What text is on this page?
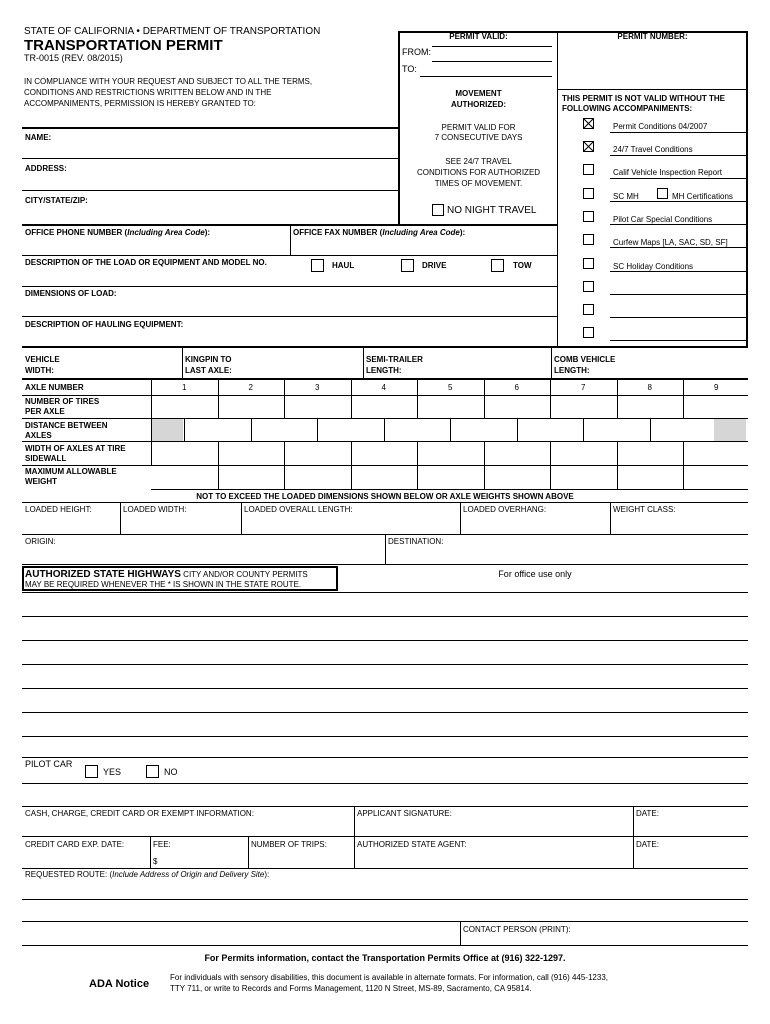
STATE OF CALIFORNIA • DEPARTMENT OF TRANSPORTATION
TRANSPORTATION PERMIT
TR-0015 (REV. 08/2015)
IN COMPLIANCE WITH YOUR REQUEST AND SUBJECT TO ALL THE TERMS,
CONDITIONS AND RESTRICTIONS WRITTEN BELOW AND IN THE
ACCOMPANIMENTS, PERMISSION IS HEREBY GRANTED TO:
PERMIT VALID:
FROM:
TO:
MOVEMENT
AUTHORIZED:
PERMIT VALID FOR
7 CONSECUTIVE DAYS
SEE 24/7 TRAVEL
CONDITIONS FOR AUTHORIZED
TIMES OF MOVEMENT.
NO NIGHT TRAVEL
PERMIT NUMBER:
THIS PERMIT IS NOT VALID WITHOUT THE
FOLLOWING ACCOMPANIMENTS:
Permit Conditions 04/2007
24/7 Travel Conditions
Calif Vehicle Inspection Report
SC MH	MH Certifications
Pilot Car Special Conditions
Curfew Maps [LA, SAC, SD, SF]
SC Holiday Conditions
NAME:
ADDRESS:
CITY/STATE/ZIP:
OFFICE PHONE NUMBER (Including Area Code):	OFFICE FAX NUMBER (Including Area Code):
DESCRIPTION OF THE LOAD OR EQUIPMENT AND MODEL NO.	HAUL	DRIVE	TOW
DIMENSIONS OF LOAD:
DESCRIPTION OF HAULING EQUIPMENT:
VEHICLE
WIDTH:
KINGPIN TO
LAST AXLE:
SEMI-TRAILER
LENGTH:
COMB VEHICLE
LENGTH:
AXLE NUMBER	1	2	3	4	5	6	7	8	9
NUMBER OF TIRES
PER AXLE
DISTANCE BETWEEN
AXLES
WIDTH OF AXLES AT TIRE
SIDEWALL
MAXIMUM ALLOWABLE
WEIGHT
NOT TO EXCEED THE LOADED DIMENSIONS SHOWN BELOW OR AXLE WEIGHTS SHOWN ABOVE
LOADED HEIGHT:	LOADED WIDTH:	LOADED OVERALL LENGTH:	LOADED OVERHANG:	WEIGHT CLASS:
ORIGIN:	DESTINATION:
AUTHORIZED STATE HIGHWAYS CITY AND/OR COUNTY PERMITS
MAY BE REQUIRED WHENEVER THE * IS SHOWN IN THE STATE ROUTE.
For office use only
PILOT CAR
YES	NO
CASH, CHARGE, CREDIT CARD OR EXEMPT INFORMATION:	APPLICANT SIGNATURE:	DATE:
CREDIT CARD EXP. DATE:	FEE:
$
NUMBER OF TRIPS:	AUTHORIZED STATE AGENT:	DATE:
REQUESTED ROUTE: (Include Address of Origin and Delivery Site):
CONTACT PERSON (PRINT):
For Permits information, contact the Transportation Permits Office at (916) 322-1297.
ADA Notice
For individuals with sensory disabilities, this document is available in alternate formats. For information, call (916) 445-1233,
TTY 711, or write to Records and Forms Management, 1120 N Street, MS-89, Sacramento, CA 95814.
